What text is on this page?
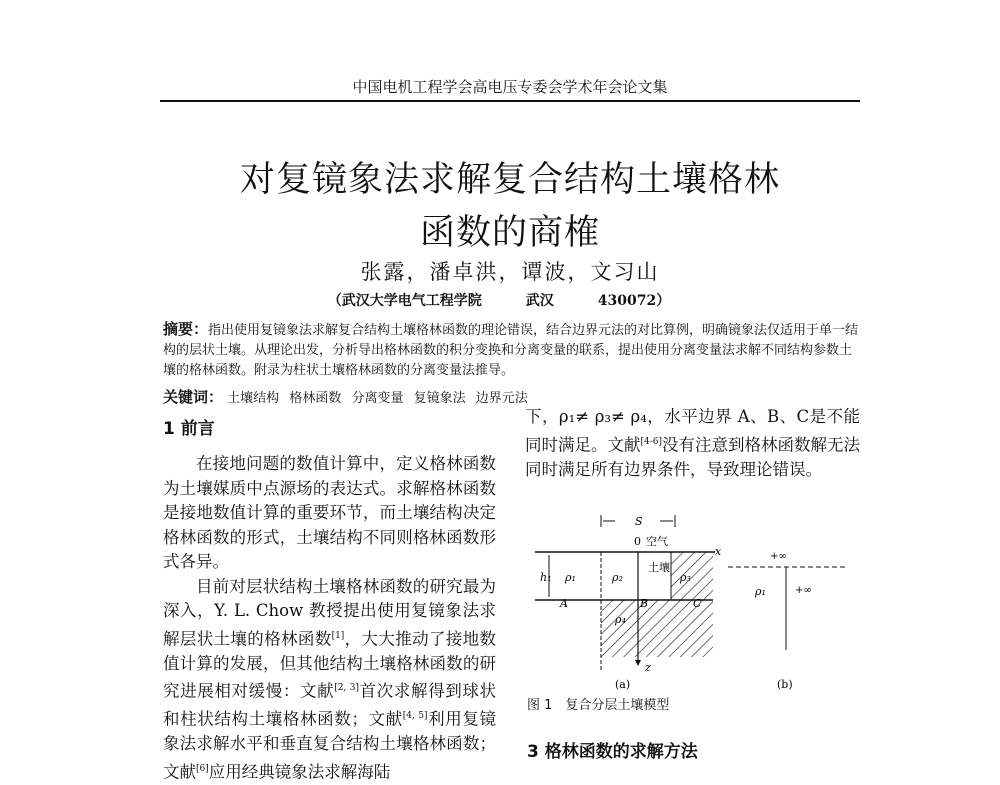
中国电机工程学会高电压专委会学术年会论文集
对复镜象法求解复合结构土壤格林
函数的商榷
张露，潘卓洪，谭波，文习山
（武汉大学电气工程学院	武汉	430072）
摘要：指出使用复镜象法求解复合结构土壤格林函数的理论错误，结合边界元法的对比算例，明确镜象法仅适用于单一结构的层状土壤。从理论出发，分析导出格林函数的积分变换和分离变量的联系，提出使用分离变量法求解不同结构参数土壤的格林函数。附录为柱状土壤格林函数的分离变量法推导。
关键词： 土壤结构 格林函数 分离变量 复镜象法 边界元法
1 前言

在接地问题的数值计算中，定义格林函数为土壤媒质中点源场的表达式。求解格林函数是接地数值计算的重要环节，而土壤结构决定格林函数的形式，土壤结构不同则格林函数形式各异。

目前对层状结构土壤格林函数的研究最为深入，Y. L. Chow 教授提出使用复镜象法求解层状土壤的格林函数[1]，大大推动了接地数值计算的发展，但其他结构土壤格林函数的研究进展相对缓慢：文献[2, 3]首次求解得到球状和柱状结构土壤格林函数；文献[4, 5]利用复镜象法求解水平和垂直复合结构土壤格林函数；文献[6]应用经典镜象法求解海陆

下，ρ₁≠ ρ₃≠ ρ₄，水平边界 A、B、C是不能同时满足。文献[4-6]没有注意到格林函数解无法同时满足所有边界条件，导致理论错误。
x
z
S
0 空气
h₁ ρ₁	ρ₂
土壤
ρ₃
ρ₄
A	B	C
(a)
+∞
+∞
ρ₁
(b)
图 1　复合分层土壤模型
3 格林函数的求解方法
